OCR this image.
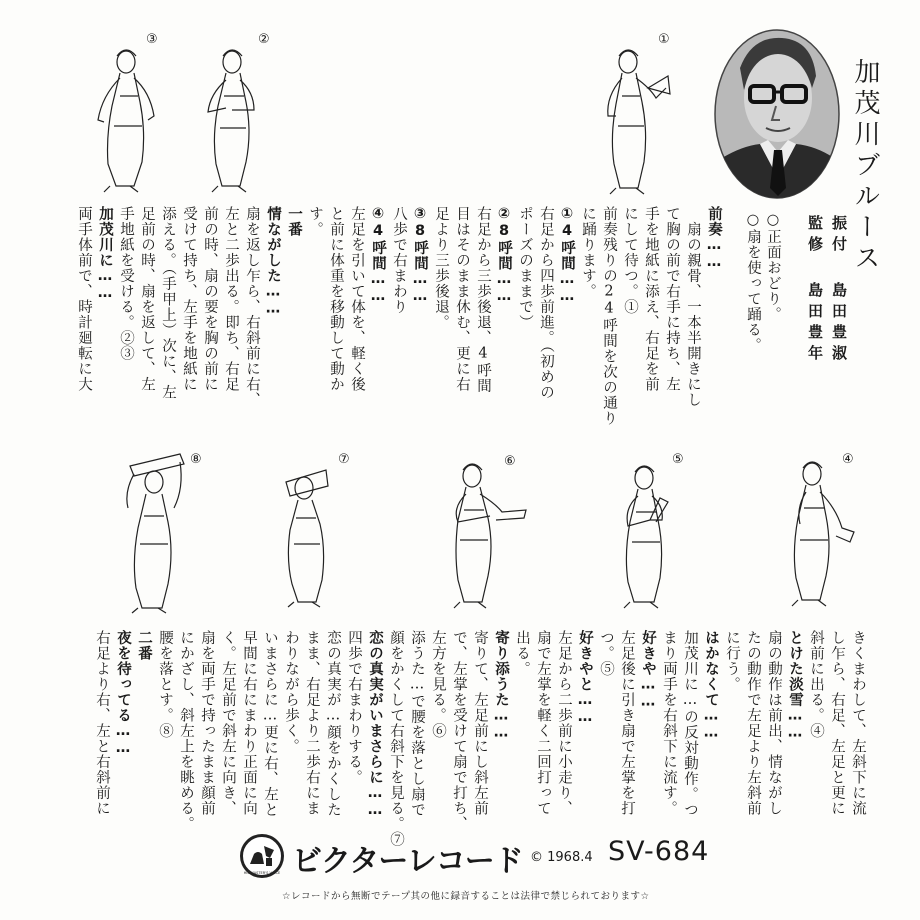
加茂川ブルース
振付
島田豊淑
監修
島田豊年
○正面おどり。
○扇を使って踊る。
③	②	①
前奏……
　扇の親骨、一本半開きにし
て胸の前で右手に持ち、左
手を地紙に添え、右足を前
にして待つ。①
前奏残りの24呼間を次の通り
に踊ります。
①4呼間……
右足から四歩前進。（初めの
ポーズのままで）
②8呼間……
右足から三歩後退、4呼間
目はそのまま休む、更に右
足より三歩後退。
③8呼間……
八歩で右まわり
④4呼間……
左足を引いて体を、軽く後
と前に体重を移動して動か
す。
一番
情ながした……
扇を返し乍ら、右斜前に右、
左と二歩出る。即ち、右足
前の時、扇の要を胸の前に
受けて持ち、左手を地紙に
添える。（手甲上）次に、左
足前の時、扇を返して、左
手地紙を受ける。②③
加茂川に……
両手体前で、時計廻転に大
⑧	⑦	⑥	⑤	④
きくまわして、左斜下に流
し乍ら、右足、左足と更に
斜前に出る。④
とけた淡雪……
扇の動作は前出、情ながし
たの動作で左足より左斜前
に行う。
はかなくて……
加茂川に…の反対動作。つ
まり両手を右斜下に流す。
好きや……
左足後に引き扇で左掌を打
つ。⑤
好きやと……
左足から二歩前に小走り、
扇で左掌を軽く二回打って
出る。
寄り添うた……
寄りて、左足前にし斜左前
で、左掌を受けて扇で打ち、
左方を見る。⑥
添うた…で腰を落とし扇で
顔をかくして右斜下を見る。⑦
恋の真実がいまさらに……
四歩で右まわりする。
恋の真実が…顔をかくした
まま、右足より二歩右にま
わりながら歩く。
いまさらに…更に右、左と
早間に右にまわり正面に向
く。左足前で斜左に向き、
扇を両手で持ったまま顔前
にかざし、斜左上を眺める。
腰を落とす。⑧
二番
夜を待ってる……
右足より右、左と右斜前に
HIS MASTER'S VOICE ビクターレコード © 1968.4 SV-684
☆レコードから無断でテープ其の他に録音することは法律で禁じられております☆
